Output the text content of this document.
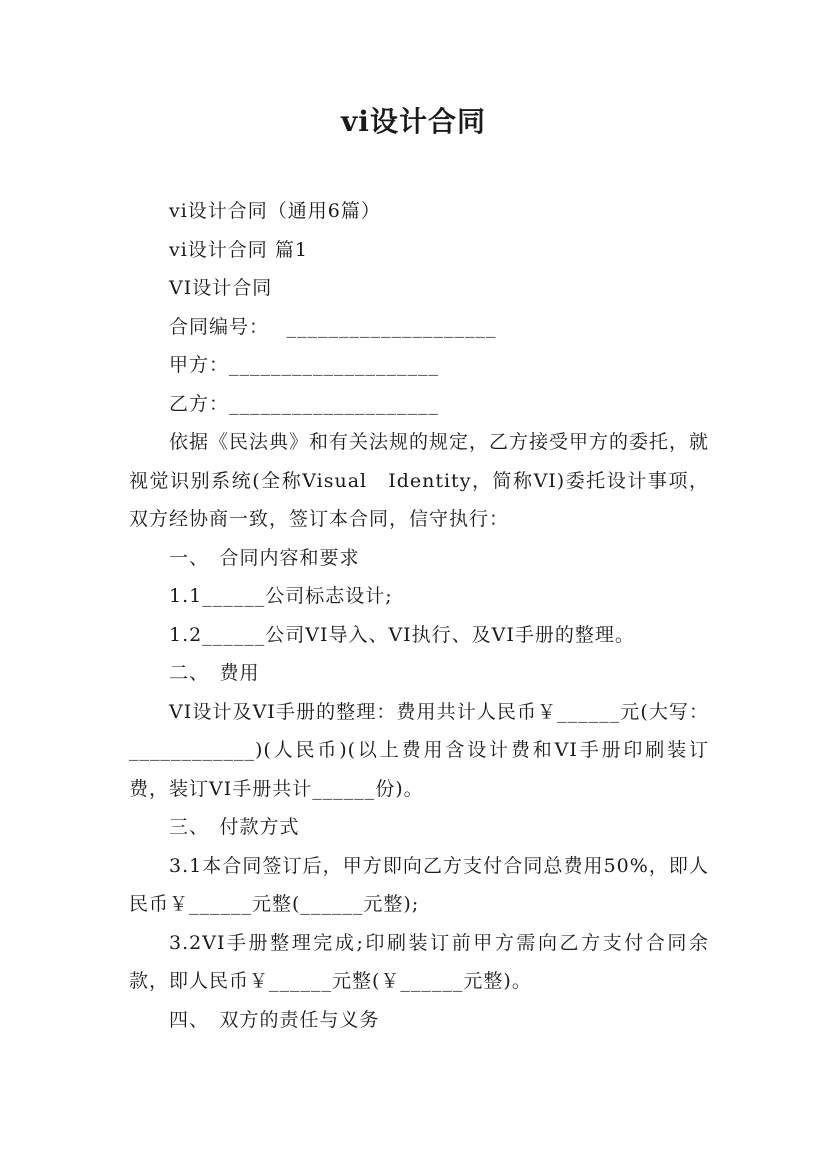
vi设计合同

vi设计合同（通用6篇）

vi设计合同 篇1

VI设计合同

合同编号：　 ____________________

甲方：____________________

乙方：____________________

依据《民法典》和有关法规的规定，乙方接受甲方的委托，就视觉识别系统(全称Visual　Identity，简称VI)委托设计事项，双方经协商一致，签订本合同，信守执行：

一、　合同内容和要求

1.1______公司标志设计;

1.2______公司VI导入、VI执行、及VI手册的整理。

二、　费用

VI设计及VI手册的整理：费用共计人民币￥______元(大写：____________)(人民币)(以上费用含设计费和VI手册印刷装订费，装订VI手册共计______份)。

三、　付款方式

3.1本合同签订后，甲方即向乙方支付合同总费用50%，即人民币￥______元整(______元整);

3.2VI手册整理完成;印刷装订前甲方需向乙方支付合同余款，即人民币￥______元整(￥______元整)。

四、　双方的责任与义务
